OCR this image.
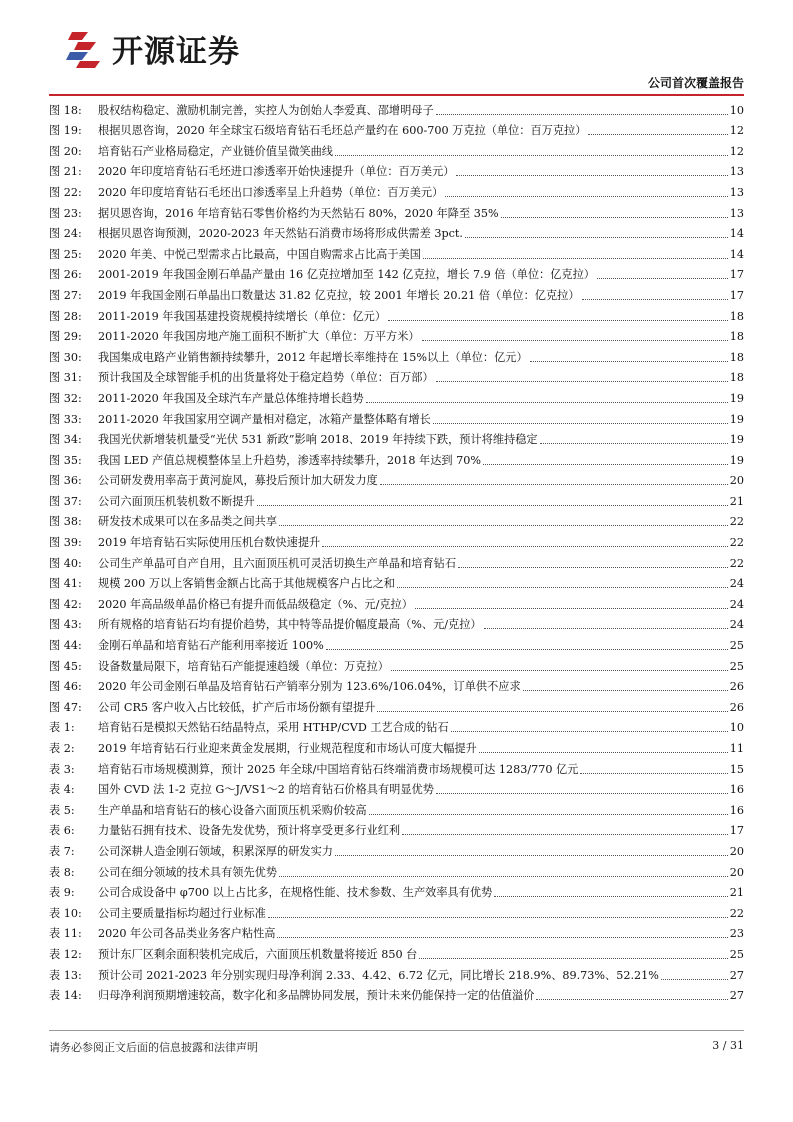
开源证券
公司首次覆盖报告
图 18:	股权结构稳定、激励机制完善，实控人为创始人李爱真、邵增明母子	10
图 19:	根据贝恩咨询，2020 年全球宝石级培育钻石毛坯总产量约在 600-700 万克拉（单位：百万克拉）	12
图 20:	培育钻石产业格局稳定，产业链价值呈微笑曲线	12
图 21:	2020 年印度培育钻石毛坯进口渗透率开始快速提升（单位：百万美元）	13
图 22:	2020 年印度培育钻石毛坯出口渗透率呈上升趋势（单位：百万美元）	13
图 23:	据贝恩咨询，2016 年培育钻石零售价格约为天然钻石 80%，2020 年降至 35%	13
图 24:	根据贝恩咨询预测，2020-2023 年天然钻石消费市场将形成供需差 3pct.	14
图 25:	2020 年美、中悦己型需求占比最高，中国自购需求占比高于美国	14
图 26:	2001-2019 年我国金刚石单晶产量由 16 亿克拉增加至 142 亿克拉，增长 7.9 倍（单位：亿克拉）	17
图 27:	2019 年我国金刚石单晶出口数量达 31.82 亿克拉，较 2001 年增长 20.21 倍（单位：亿克拉）	17
图 28:	2011-2019 年我国基建投资规模持续增长（单位：亿元）	18
图 29:	2011-2020 年我国房地产施工面积不断扩大（单位：万平方米）	18
图 30:	我国集成电路产业销售额持续攀升，2012 年起增长率维持在 15%以上（单位：亿元）	18
图 31:	预计我国及全球智能手机的出货量将处于稳定趋势（单位：百万部）	18
图 32:	2011-2020 年我国及全球汽车产量总体维持增长趋势	19
图 33:	2011-2020 年我国家用空调产量相对稳定，冰箱产量整体略有增长	19
图 34:	我国光伏新增装机量受“光伏 531 新政”影响 2018、2019 年持续下跌，预计将维持稳定	19
图 35:	我国 LED 产值总规模整体呈上升趋势，渗透率持续攀升，2018 年达到 70%	19
图 36:	公司研发费用率高于黄河旋风，募投后预计加大研发力度	20
图 37:	公司六面顶压机装机数不断提升	21
图 38:	研发技术成果可以在多品类之间共享	22
图 39:	2019 年培育钻石实际使用压机台数快速提升	22
图 40:	公司生产单晶可自产自用，且六面顶压机可灵活切换生产单晶和培育钻石	22
图 41:	规模 200 万以上客销售金额占比高于其他规模客户占比之和	24
图 42:	2020 年高品级单晶价格已有提升而低品级稳定（%、元/克拉）	24
图 43:	所有规格的培育钻石均有提价趋势，其中特等品提价幅度最高（%、元/克拉）	24
图 44:	金刚石单晶和培育钻石产能利用率接近 100%	25
图 45:	设备数量局限下，培育钻石产能提速趋缓（单位：万克拉）	25
图 46:	2020 年公司金刚石单晶及培育钻石产销率分别为 123.6%/106.04%，订单供不应求	26
图 47:	公司 CR5 客户收入占比较低，扩产后市场份额有望提升	26
表 1:	培育钻石是模拟天然钻石结晶特点，采用 HTHP/CVD 工艺合成的钻石	10
表 2:	2019 年培育钻石行业迎来黄金发展期，行业规范程度和市场认可度大幅提升	11
表 3:	培育钻石市场规模测算，预计 2025 年全球/中国培育钻石终端消费市场规模可达 1283/770 亿元	15
表 4:	国外 CVD 法 1-2 克拉 G～J/VS1～2 的培育钻石价格具有明显优势	16
表 5:	生产单晶和培育钻石的核心设备六面顶压机采购价较高	16
表 6:	力量钻石拥有技术、设备先发优势，预计将享受更多行业红利	17
表 7:	公司深耕人造金刚石领域，积累深厚的研发实力	20
表 8:	公司在细分领域的技术具有领先优势	20
表 9:	公司合成设备中 φ700 以上占比多，在规格性能、技术参数、生产效率具有优势	21
表 10:	公司主要质量指标均超过行业标准	22
表 11:	2020 年公司各品类业务客户粘性高	23
表 12:	预计东厂区剩余面积装机完成后，六面顶压机数量将接近 850 台	25
表 13:	预计公司 2021-2023 年分别实现归母净利润 2.33、4.42、6.72 亿元，同比增长 218.9%、89.73%、52.21%	27
表 14:	归母净利润预期增速较高，数字化和多品牌协同发展，预计未来仍能保持一定的估值溢价	27
请务必参阅正文后面的信息披露和法律声明	3 / 31
